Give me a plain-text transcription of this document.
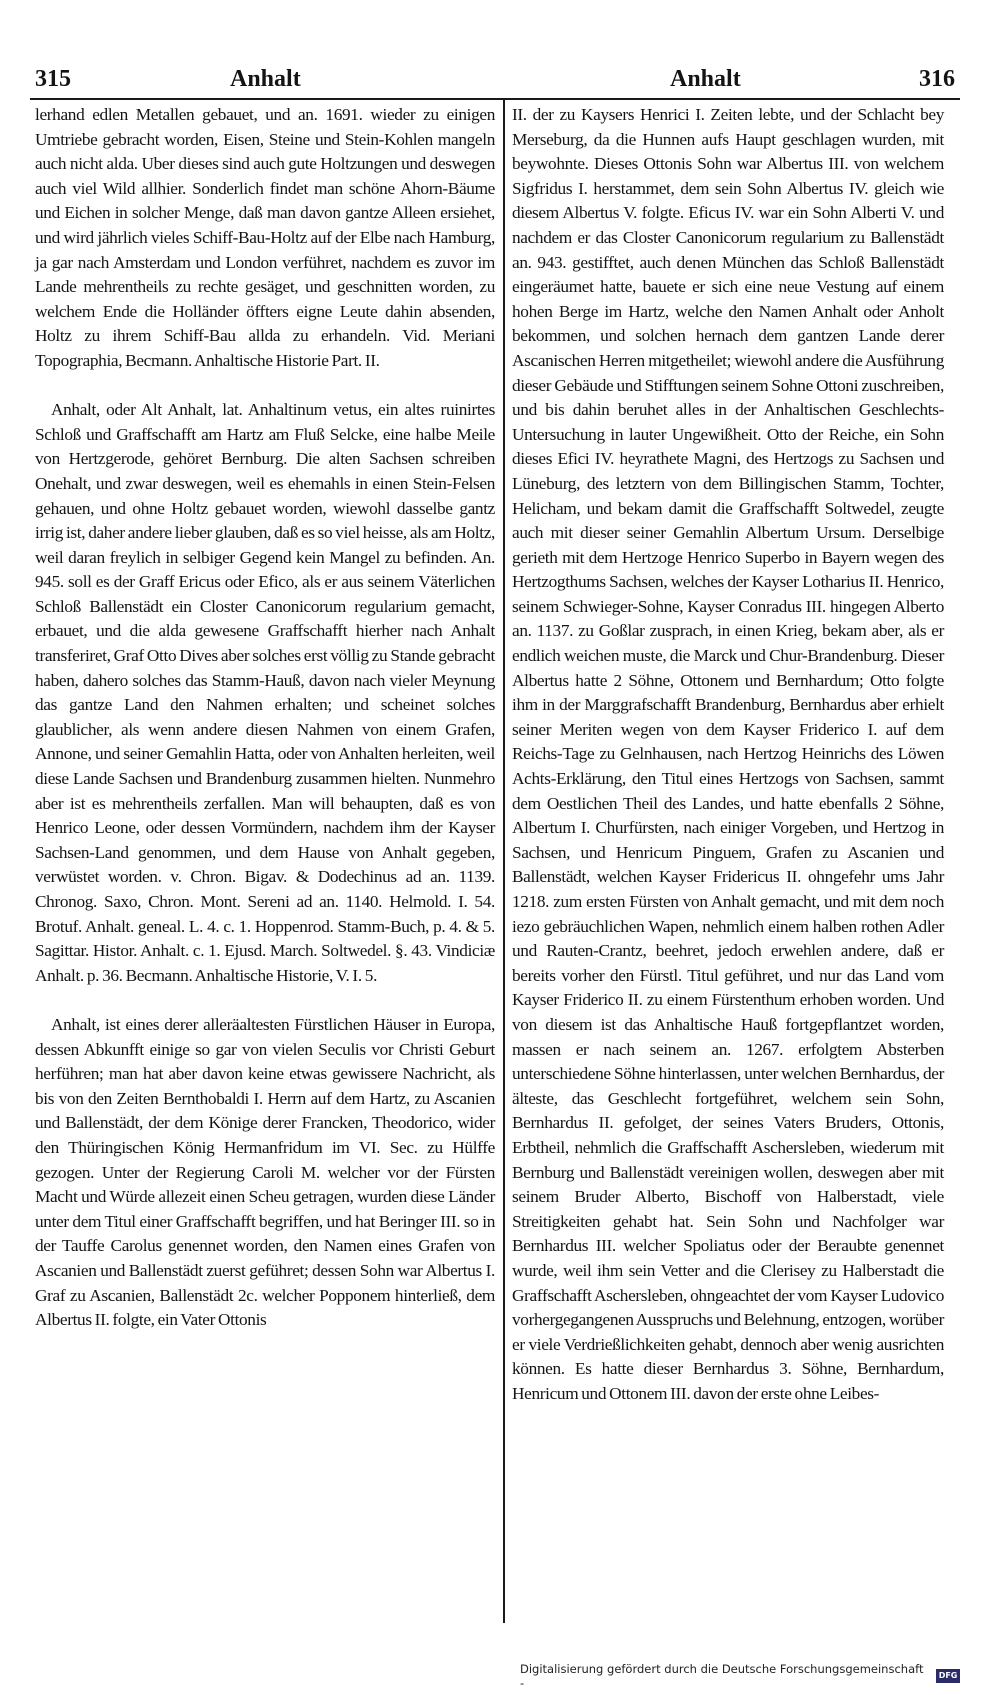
315	Anhalt	Anhalt	316

lerhand edlen Metallen gebauet, und an. 1691. wieder zu einigen Umtriebe gebracht worden, Eisen, Steine und Stein-Kohlen mangeln auch nicht alda. Uber dieses sind auch gute Holtzungen und deswegen auch viel Wild allhier. Sonderlich findet man schöne Ahorn-Bäume und Eichen in solcher Menge, daß man davon gantze Alleen ersiehet, und wird jährlich vieles Schiff-Bau-Holtz auf der Elbe nach Hamburg, ja gar nach Amsterdam und London verführet, nachdem es zuvor im Lande mehrentheils zu rechte gesäget, und geschnitten worden, zu welchem Ende die Holländer öffters eigne Leute dahin absenden, Holtz zu ihrem Schiff-Bau allda zu erhandeln. Vid. Meriani Topographia, Becmann. Anhaltische Historie Part. II.

Anhalt, oder Alt Anhalt, lat. Anhaltinum vetus, ein altes ruinirtes Schloß und Graffschafft am Hartz am Fluß Selcke, eine halbe Meile von Hertzgerode, gehöret Bernburg. Die alten Sachsen schreiben Onehalt, und zwar deswegen, weil es ehemahls in einen Stein-Felsen gehauen, und ohne Holtz gebauet worden, wiewohl dasselbe gantz irrig ist, daher andere lieber glauben, daß es so viel heisse, als am Holtz, weil daran freylich in selbiger Gegend kein Mangel zu befinden. An. 945. soll es der Graff Ericus oder Efico, als er aus seinem Väterlichen Schloß Ballenstädt ein Closter Canonicorum regularium gemacht, erbauet, und die alda gewesene Graffschafft hierher nach Anhalt transferiret, Graf Otto Dives aber solches erst völlig zu Stande gebracht haben, dahero solches das Stamm-Hauß, davon nach vieler Meynung das gantze Land den Nahmen erhalten; und scheinet solches glaublicher, als wenn andere diesen Nahmen von einem Grafen, Annone, und seiner Gemahlin Hatta, oder von Anhalten herleiten, weil diese Lande Sachsen und Brandenburg zusammen hielten. Nunmehro aber ist es mehrentheils zerfallen. Man will behaupten, daß es von Henrico Leone, oder dessen Vormündern, nachdem ihm der Kayser Sachsen-Land genommen, und dem Hause von Anhalt gegeben, verwüstet worden. v. Chron. Bigav. & Dodechinus ad an. 1139. Chronog. Saxo, Chron. Mont. Sereni ad an. 1140. Helmold. I. 54. Brotuf. Anhalt. geneal. L. 4. c. 1. Hoppenrod. Stamm-Buch, p. 4. & 5. Sagittar. Histor. Anhalt. c. 1. Ejusd. March. Soltwedel. §. 43. Vindiciæ Anhalt. p. 36. Becmann. Anhaltische Historie, V. I. 5.

Anhalt, ist eines derer alleräaltesten Fürstlichen Häuser in Europa, dessen Abkunfft einige so gar von vielen Seculis vor Christi Geburt herführen; man hat aber davon keine etwas gewissere Nachricht, als bis von den Zeiten Bernthobaldi I. Herrn auf dem Hartz, zu Ascanien und Ballenstädt, der dem Könige derer Francken, Theodorico, wider den Thüringischen König Hermanfridum im VI. Sec. zu Hülffe gezogen. Unter der Regierung Caroli M. welcher vor der Fürsten Macht und Würde allezeit einen Scheu getragen, wurden diese Länder unter dem Titul einer Graffschafft begriffen, und hat Beringer III. so in der Tauffe Carolus genennet worden, den Namen eines Grafen von Ascanien und Ballenstädt zuerst geführet; dessen Sohn war Albertus I. Graf zu Ascanien, Ballenstädt 2c. welcher Popponem hinterließ, dem Albertus II. folgte, ein Vater Ottonis

II. der zu Kaysers Henrici I. Zeiten lebte, und der Schlacht bey Merseburg, da die Hunnen aufs Haupt geschlagen wurden, mit beywohnte. Dieses Ottonis Sohn war Albertus III. von welchem Sigfridus I. herstammet, dem sein Sohn Albertus IV. gleich wie diesem Albertus V. folgte. Eficus IV. war ein Sohn Alberti V. und nachdem er das Closter Canonicorum regularium zu Ballenstädt an. 943. gestifftet, auch denen München das Schloß Ballenstädt eingeräumet hatte, bauete er sich eine neue Vestung auf einem hohen Berge im Hartz, welche den Namen Anhalt oder Anholt bekommen, und solchen hernach dem gantzen Lande derer Ascanischen Herren mitgetheilet; wiewohl andere die Ausführung dieser Gebäude und Stifftungen seinem Sohne Ottoni zuschreiben, und bis dahin beruhet alles in der Anhaltischen Geschlechts-Untersuchung in lauter Ungewißheit. Otto der Reiche, ein Sohn dieses Efici IV. heyrathete Magni, des Hertzogs zu Sachsen und Lüneburg, des letztern von dem Billingischen Stamm, Tochter, Helicham, und bekam damit die Graffschafft Soltwedel, zeugte auch mit dieser seiner Gemahlin Albertum Ursum. Derselbige gerieth mit dem Hertzoge Henrico Superbo in Bayern wegen des Hertzogthums Sachsen, welches der Kayser Lotharius II. Henrico, seinem Schwieger-Sohne, Kayser Conradus III. hingegen Alberto an. 1137. zu Goßlar zusprach, in einen Krieg, bekam aber, als er endlich weichen muste, die Marck und Chur-Brandenburg. Dieser Albertus hatte 2 Söhne, Ottonem und Bernhardum; Otto folgte ihm in der Marggrafschafft Brandenburg, Bernhardus aber erhielt seiner Meriten wegen von dem Kayser Friderico I. auf dem Reichs-Tage zu Gelnhausen, nach Hertzog Heinrichs des Löwen Achts-Erklärung, den Titul eines Hertzogs von Sachsen, sammt dem Oestlichen Theil des Landes, und hatte ebenfalls 2 Söhne, Albertum I. Churfürsten, nach einiger Vorgeben, und Hertzog in Sachsen, und Henricum Pinguem, Grafen zu Ascanien und Ballenstädt, welchen Kayser Fridericus II. ohngefehr ums Jahr 1218. zum ersten Fürsten von Anhalt gemacht, und mit dem noch iezo gebräuchlichen Wapen, nehmlich einem halben rothen Adler und Rauten-Crantz, beehret, jedoch erwehlen andere, daß er bereits vorher den Fürstl. Titul geführet, und nur das Land vom Kayser Friderico II. zu einem Fürstenthum erhoben worden. Und von diesem ist das Anhaltische Hauß fortgepflantzet worden, massen er nach seinem an. 1267. erfolgtem Absterben unterschiedene Söhne hinterlassen, unter welchen Bernhardus, der älteste, das Geschlecht fortgeführet, welchem sein Sohn, Bernhardus II. gefolget, der seines Vaters Bruders, Ottonis, Erbtheil, nehmlich die Graffschafft Aschersleben, wiederum mit Bernburg und Ballenstädt vereinigen wollen, deswegen aber mit seinem Bruder Alberto, Bischoff von Halberstadt, viele Streitigkeiten gehabt hat. Sein Sohn und Nachfolger war Bernhardus III. welcher Spoliatus oder der Beraubte genennet wurde, weil ihm sein Vetter and die Clerisey zu Halberstadt die Graffschafft Aschersleben, ohngeachtet der vom Kayser Ludovico vorhergegangenen Ausspruchs und Belehnung, entzogen, worüber er viele Verdrießlichkeiten gehabt, dennoch aber wenig ausrichten können. Es hatte dieser Bernhardus 3. Söhne, Bernhardum, Henricum und Ottonem III. davon der erste ohne Leibes-

Digitalisierung gefördert durch die Deutsche Forschungsgemeinschaft -
DFG
